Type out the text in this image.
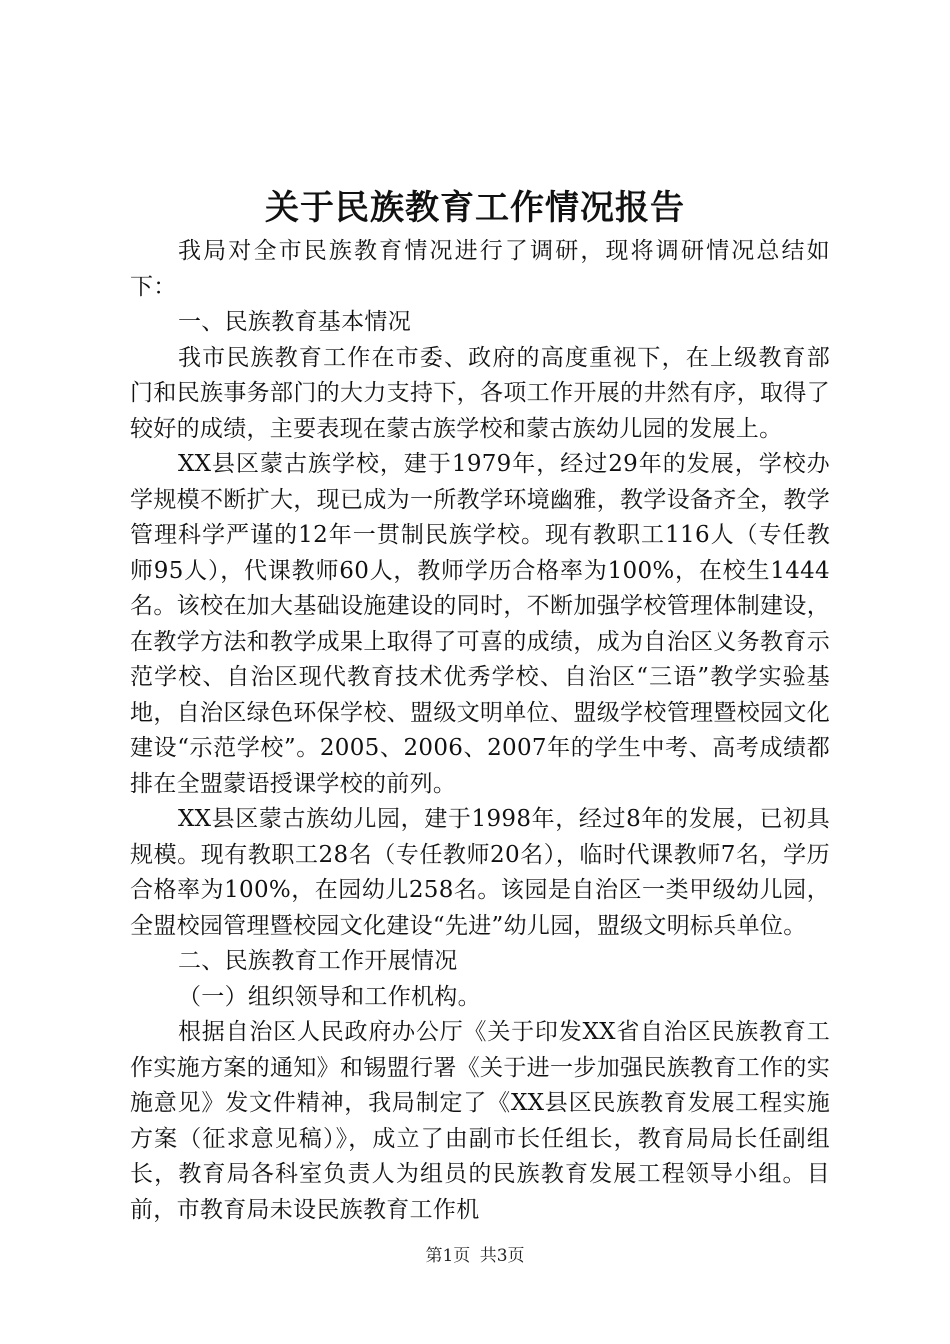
关于民族教育工作情况报告

我局对全市民族教育情况进行了调研，现将调研情况总结如下：

一、民族教育基本情况

我市民族教育工作在市委、政府的高度重视下，在上级教育部门和民族事务部门的大力支持下，各项工作开展的井然有序，取得了较好的成绩，主要表现在蒙古族学校和蒙古族幼儿园的发展上。

XX县区蒙古族学校，建于1979年，经过29年的发展，学校办学规模不断扩大，现已成为一所教学环境幽雅，教学设备齐全，教学管理科学严谨的12年一贯制民族学校。现有教职工116人（专任教师95人），代课教师60人，教师学历合格率为100%，在校生1444名。该校在加大基础设施建设的同时，不断加强学校管理体制建设，在教学方法和教学成果上取得了可喜的成绩，成为自治区义务教育示范学校、自治区现代教育技术优秀学校、自治区“三语”教学实验基地，自治区绿色环保学校、盟级文明单位、盟级学校管理暨校园文化建设“示范学校”。2005、2006、2007年的学生中考、高考成绩都排在全盟蒙语授课学校的前列。

XX县区蒙古族幼儿园，建于1998年，经过8年的发展，已初具规模。现有教职工28名（专任教师20名），临时代课教师7名，学历合格率为100%，在园幼儿258名。该园是自治区一类甲级幼儿园，全盟校园管理暨校园文化建设“先进”幼儿园，盟级文明标兵单位。

二、民族教育工作开展情况

（一）组织领导和工作机构。

根据自治区人民政府办公厅《关于印发XX省自治区民族教育工作实施方案的通知》和锡盟行署《关于进一步加强民族教育工作的实施意见》发文件精神，我局制定了《XX县区民族教育发展工程实施方案（征求意见稿）》，成立了由副市长任组长，教育局局长任副组长，教育局各科室负责人为组员的民族教育发展工程领导小组。目前，市教育局未设民族教育工作机

第1页 共3页
